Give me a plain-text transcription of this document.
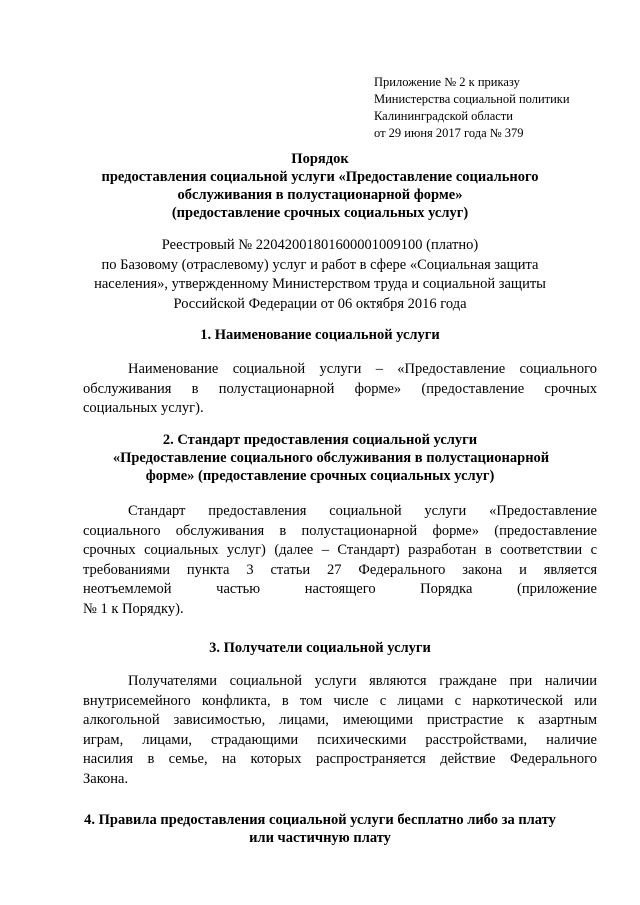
Приложение № 2 к приказу
Министерства социальной политики
Калининградской области
от 29 июня 2017 года № 379
Порядок
предоставления социальной услуги «Предоставление социального
обслуживания в полустационарной форме»
(предоставление срочных социальных услуг)
Реестровый № 22042001801600001009100 (платно)
по Базовому (отраслевому) услуг и работ в сфере «Социальная защита
населения», утвержденному Министерством труда и социальной защиты
Российской Федерации от 06 октября 2016 года
1. Наименование социальной услуги
Наименование социальной услуги – «Предоставление социального
обслуживания в полустационарной форме» (предоставление срочных
социальных услуг).
2. Стандарт предоставления социальной услуги
«Предоставление социального обслуживания в полустационарной
форме» (предоставление срочных социальных услуг)
Стандарт предоставления социальной услуги «Предоставление
социального обслуживания в полустационарной форме» (предоставление
срочных социальных услуг) (далее – Стандарт) разработан в соответствии с
требованиями пункта 3 статьи 27 Федерального закона и является
неотъемлемой частью настоящего Порядка (приложение
№ 1 к Порядку).
3. Получатели социальной услуги
Получателями социальной услуги являются граждане при наличии
внутрисемейного конфликта, в том числе с лицами с наркотической или
алкогольной зависимостью, лицами, имеющими пристрастие к азартным
играм, лицами, страдающими психическими расстройствами, наличие
насилия в семье, на которых распространяется действие Федерального
Закона.
4. Правила предоставления социальной услуги бесплатно либо за плату
или частичную плату
